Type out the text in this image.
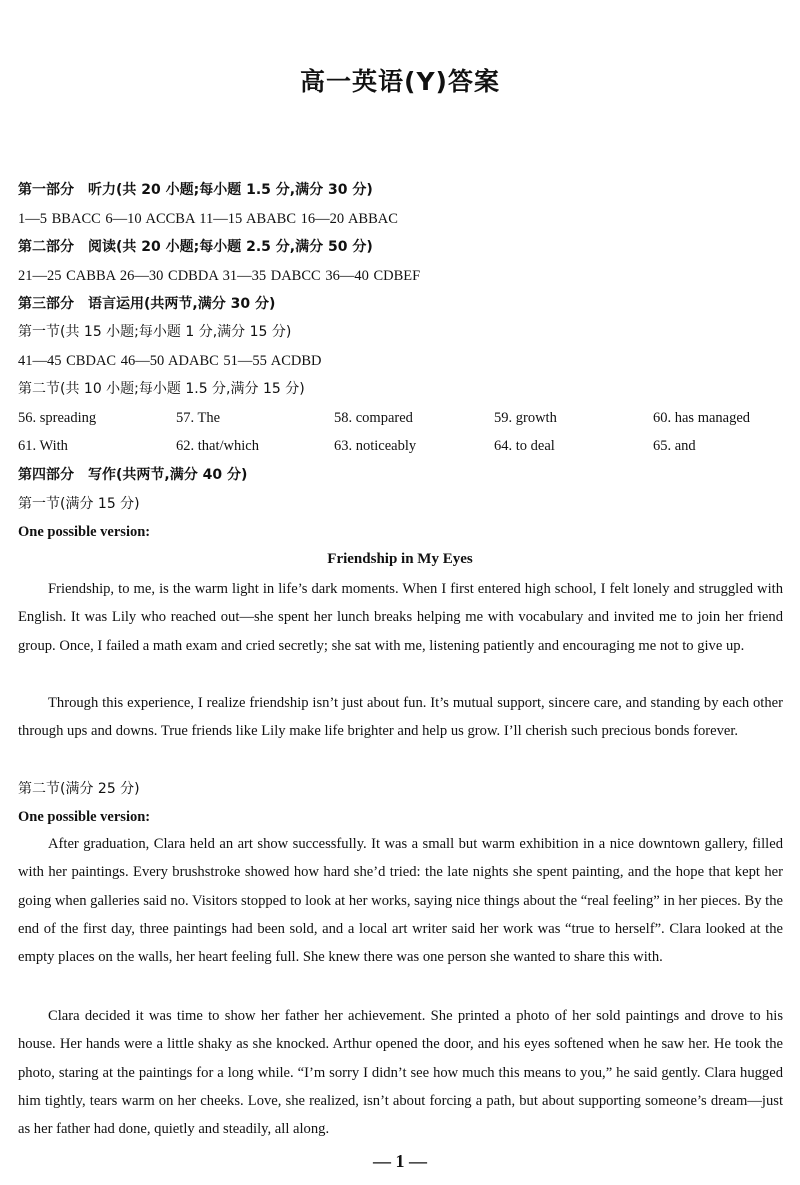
高一英语(Y)答案
第一部分 听力(共 20 小题;每小题 1.5 分,满分 30 分)
1—5 BBACC 6—10 ACCBA 11—15 ABABC 16—20 ABBAC
第二部分 阅读(共 20 小题;每小题 2.5 分,满分 50 分)
21—25 CABBA 26—30 CDBDA 31—35 DABCC 36—40 CDBEF
第三部分 语言运用(共两节,满分 30 分)
第一节(共 15 小题;每小题 1 分,满分 15 分)
41—45 CBDAC 46—50 ADABC 51—55 ACDBD
第二节(共 10 小题;每小题 1.5 分,满分 15 分)
56. spreading	57. The	58. compared	59. growth	60. has managed
61. With	62. that/which	63. noticeably	64. to deal	65. and
第四部分 写作(共两节,满分 40 分)
第一节(满分 15 分)
One possible version:
Friendship in My Eyes

Friendship, to me, is the warm light in life’s dark moments. When I first entered high school, I felt lonely and struggled with English. It was Lily who reached out—she spent her lunch breaks helping me with vocabulary and invited me to join her friend group. Once, I failed a math exam and cried secretly; she sat with me, listening patiently and encouraging me not to give up.

Through this experience, I realize friendship isn’t just about fun. It’s mutual support, sincere care, and standing by each other through ups and downs. True friends like Lily make life brighter and help us grow. I’ll cherish such precious bonds forever.

第二节(满分 25 分)
One possible version:

After graduation, Clara held an art show successfully. It was a small but warm exhibition in a nice downtown gallery, filled with her paintings. Every brushstroke showed how hard she’d tried: the late nights she spent painting, and the hope that kept her going when galleries said no. Visitors stopped to look at her works, saying nice things about the “real feeling” in her pieces. By the end of the first day, three paintings had been sold, and a local art writer said her work was “true to herself”. Clara looked at the empty places on the walls, her heart feeling full. She knew there was one person she wanted to share this with.

Clara decided it was time to show her father her achievement. She printed a photo of her sold paintings and drove to his house. Her hands were a little shaky as she knocked. Arthur opened the door, and his eyes softened when he saw her. He took the photo, staring at the paintings for a long while. “I’m sorry I didn’t see how much this means to you,” he said gently. Clara hugged him tightly, tears warm on her cheeks. Love, she realized, isn’t about forcing a path, but about supporting someone’s dream—just as her father had done, quietly and steadily, all along.

— 1 —
